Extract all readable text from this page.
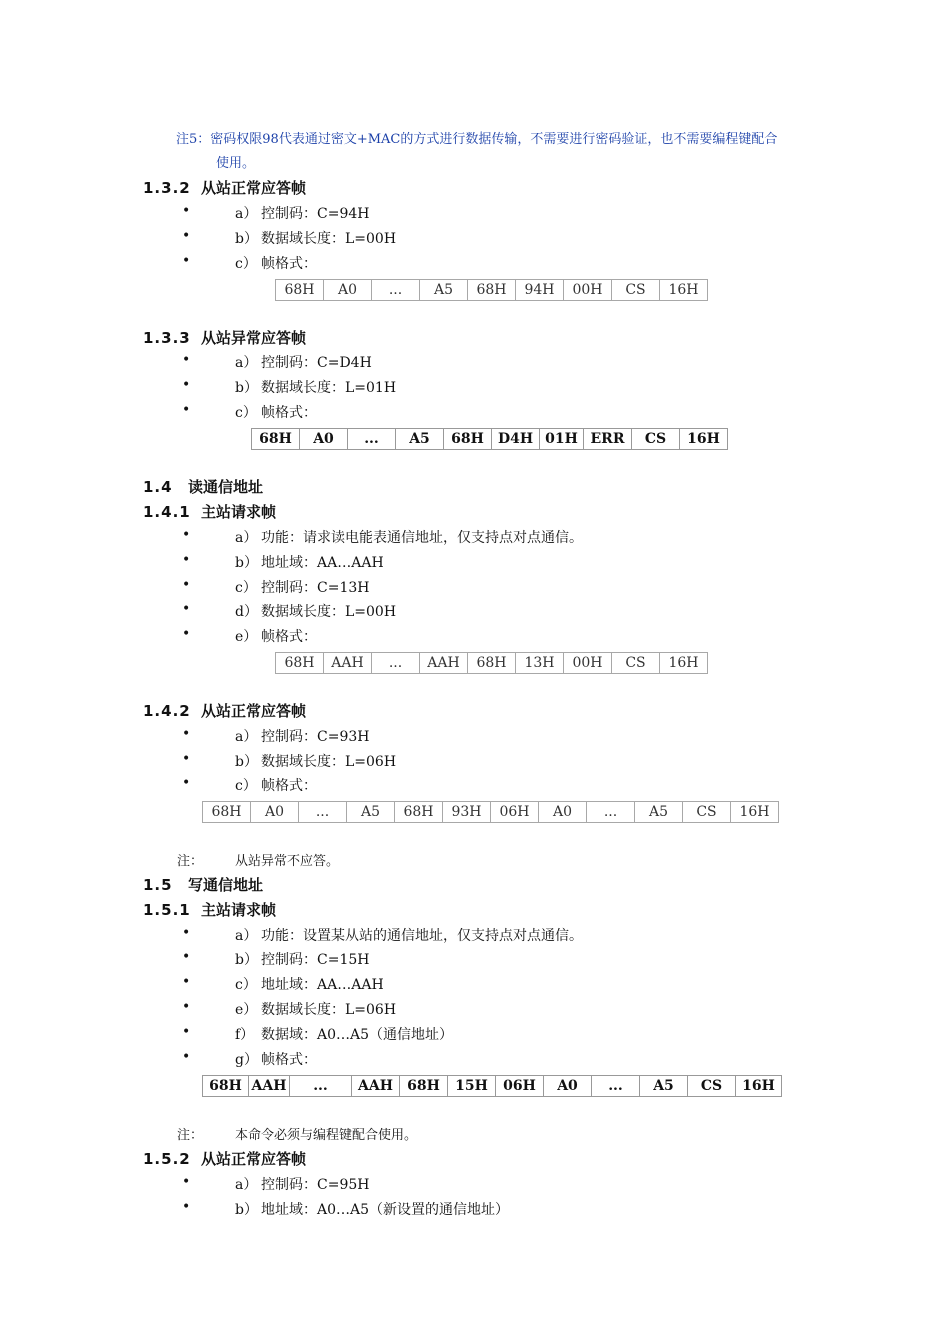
注5：密码权限98代表通过密文+MAC的方式进行数据传输，不需要进行密码验证，也不需要编程键配合
使用。
1.3.2 从站正常应答帧
•	a） 控制码：C=94H
•	b） 数据域长度：L=00H
•	c） 帧格式：
68H	A0	...	A5	68H	94H	00H	CS	16H
1.3.3 从站异常应答帧
•	a） 控制码：C=D4H
•	b） 数据域长度：L=01H
•	c） 帧格式：
68H	A0	...	A5	68H	D4H	01H	ERR	CS	16H
1.4 读通信地址
1.4.1 主站请求帧
•	a） 功能：请求读电能表通信地址，仅支持点对点通信。
•	b） 地址域：AA…AAH
•	c） 控制码：C=13H
•	d） 数据域长度：L=00H
•	e） 帧格式：
68H	AAH	...	AAH	68H	13H	00H	CS	16H
1.4.2 从站正常应答帧
•	a） 控制码：C=93H
•	b） 数据域长度：L=06H
•	c） 帧格式：
68H	A0	...	A5	68H	93H	06H	A0	...	A5	CS	16H
注： 从站异常不应答。
1.5 写通信地址
1.5.1 主站请求帧
•	a） 功能：设置某从站的通信地址，仅支持点对点通信。
•	b） 控制码：C=15H
•	c） 地址域：AA…AAH
•	e） 数据域长度：L=06H
•	f） 数据域：A0…A5（通信地址）
•	g） 帧格式：
68H	AAH	...	AAH	68H	15H	06H	A0	...	A5	CS	16H
注： 本命令必须与编程键配合使用。
1.5.2 从站正常应答帧
•	a） 控制码：C=95H
•	b） 地址域：A0…A5（新设置的通信地址）
